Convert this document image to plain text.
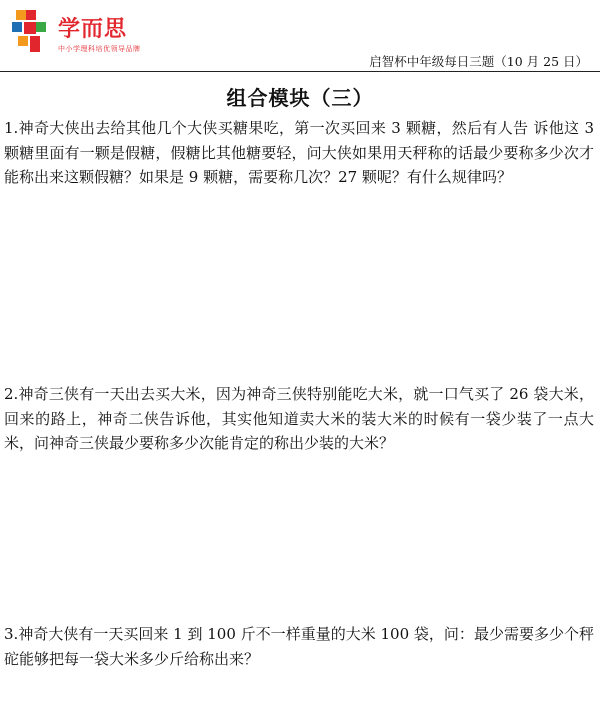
学而思
中小学理科培优领导品牌
启智杯中年级每日三题（10 月 25 日）
组合模块（三）
1.神奇大侠出去给其他几个大侠买糖果吃，第一次买回来 3 颗糖，然后有人告 诉他这 3 颗糖里面有一颗是假糖，假糖比其他糖要轻，问大侠如果用天秤称的话最少要称多少次才能称出来这颗假糖？如果是 9 颗糖，需要称几次？27 颗呢？有什么规律吗？
2.神奇三侠有一天出去买大米，因为神奇三侠特别能吃大米，就一口气买了 26 袋大米，回来的路上，神奇二侠告诉他，其实他知道卖大米的装大米的时候有一袋少装了一点大米，问神奇三侠最少要称多少次能肯定的称出少装的大米？
3.神奇大侠有一天买回来 1 到 100 斤不一样重量的大米 100 袋，问：最少需要多少个秤砣能够把每一袋大米多少斤给称出来？
